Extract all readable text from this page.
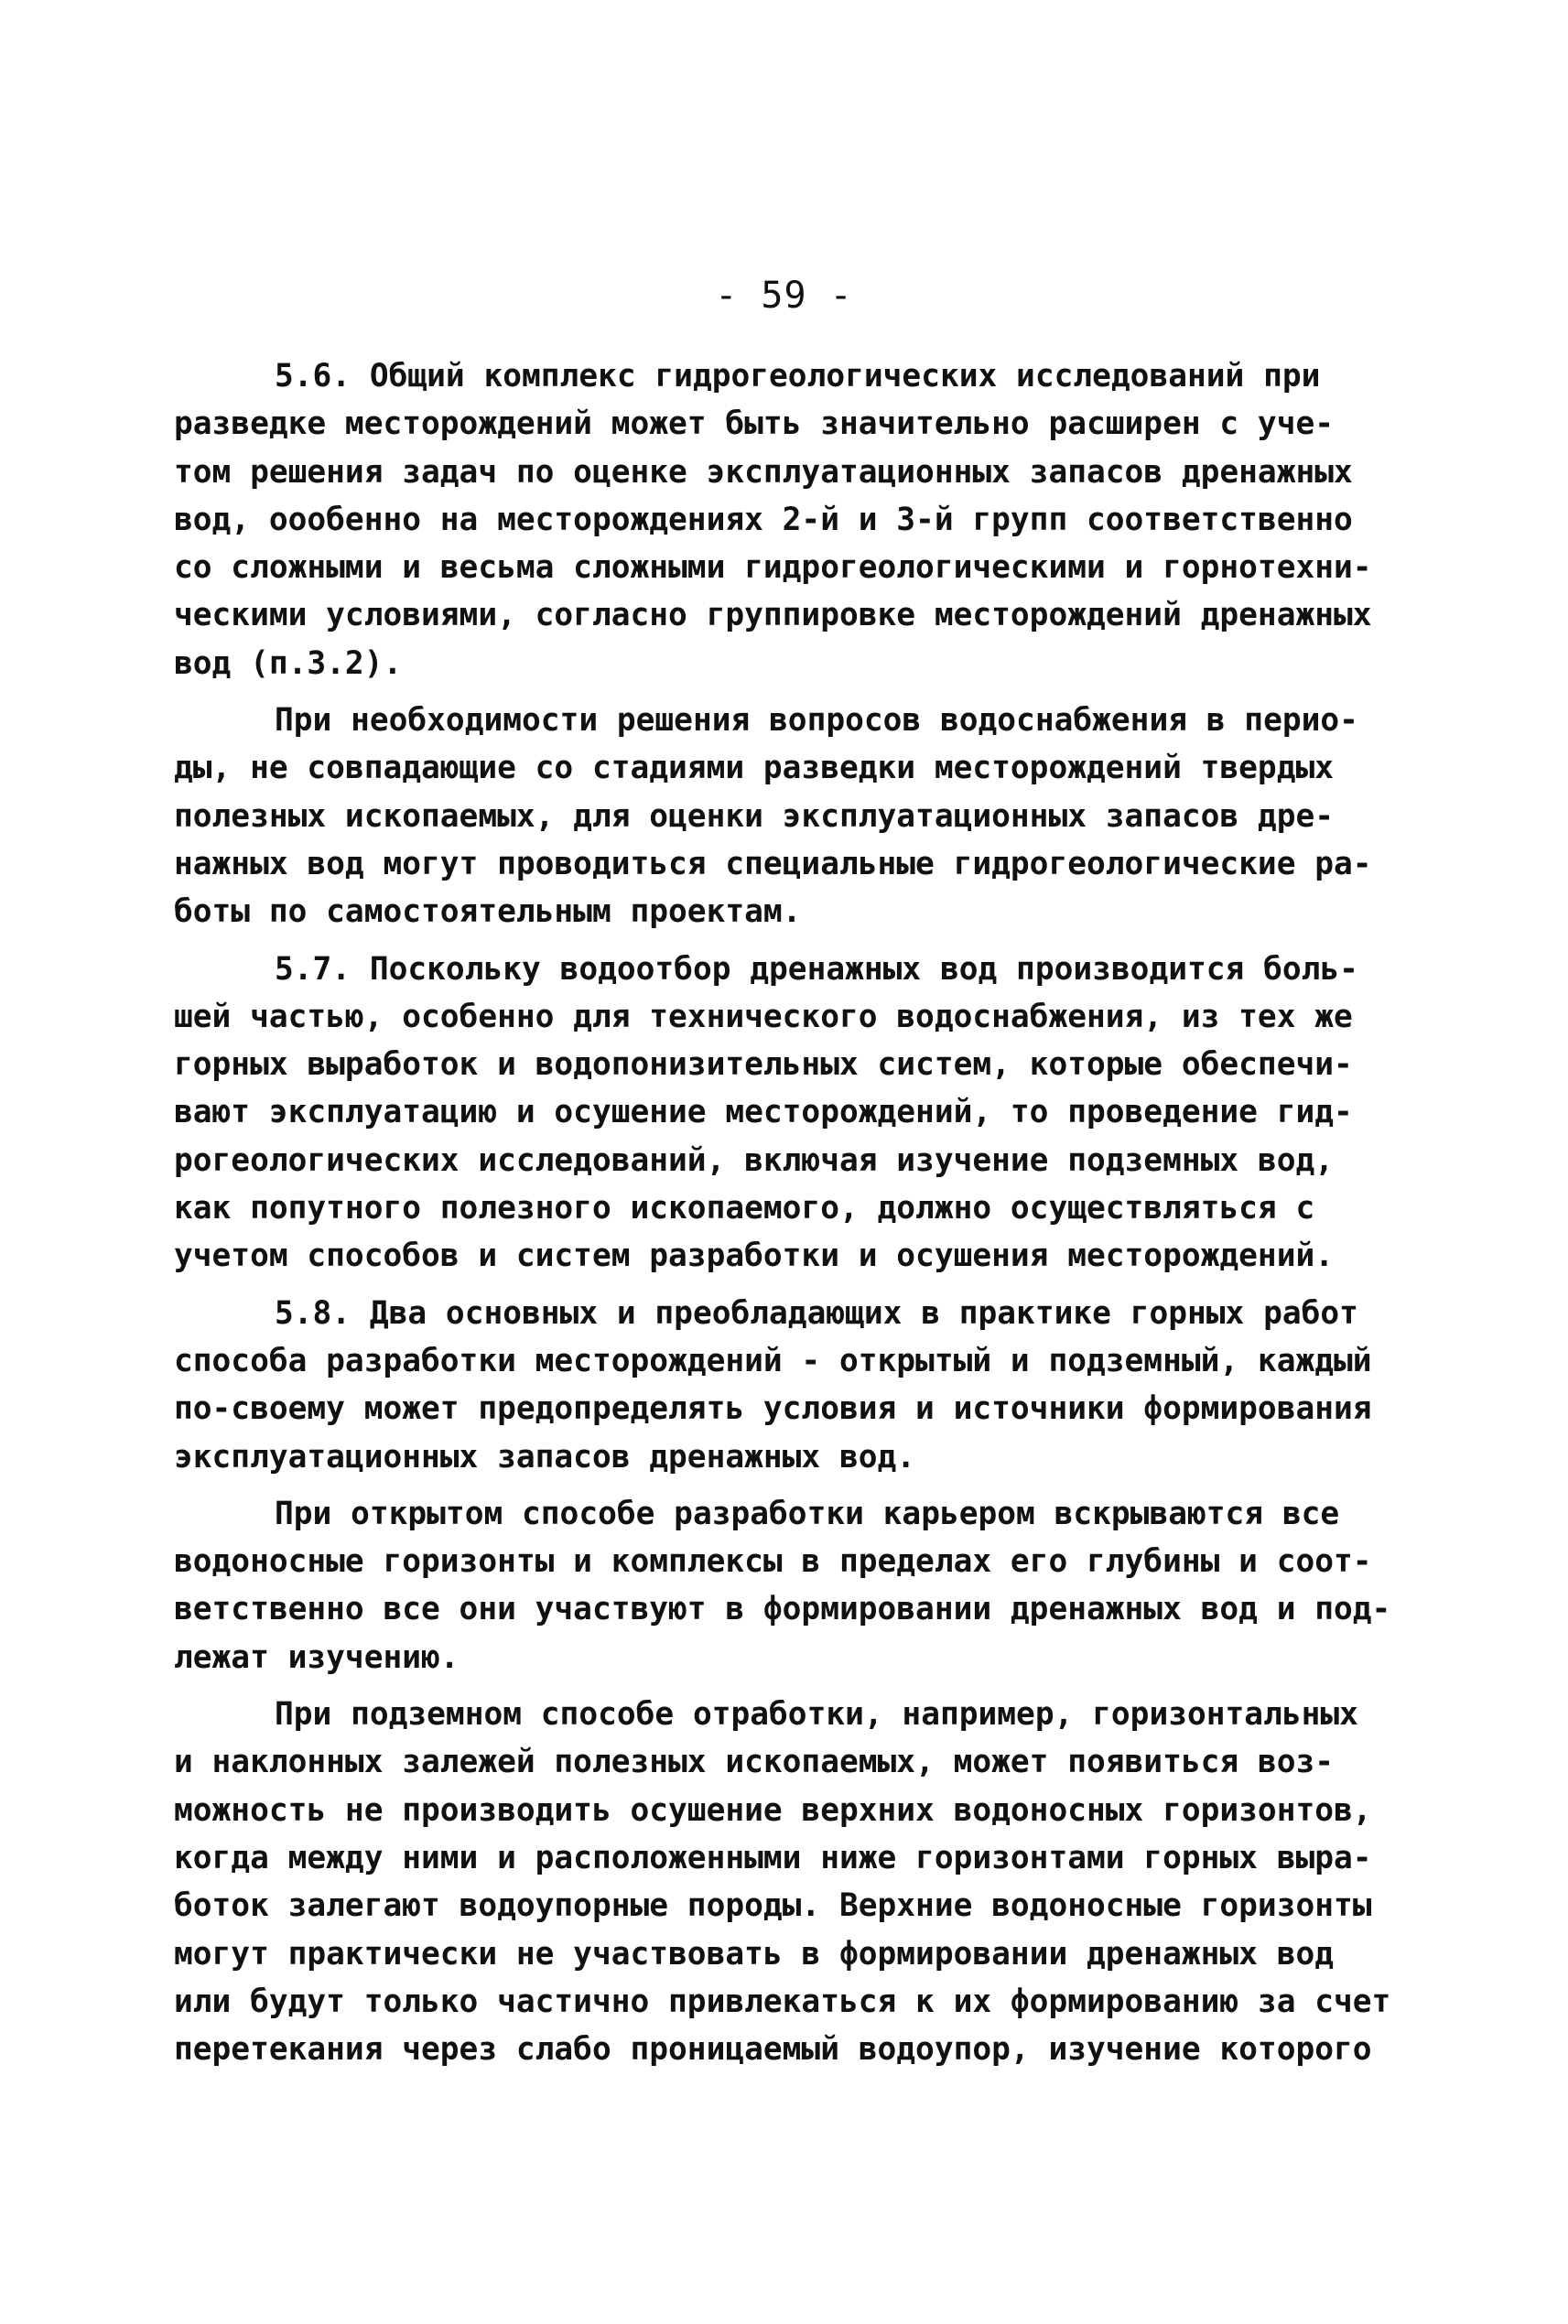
- 59 -
5.6. Общий комплекс гидрогеологических исследований при
разведке месторождений может быть значительно расширен с уче-
том решения задач по оценке эксплуатационных запасов дренажных
вод, оообенно на месторождениях 2-й и 3-й групп соответственно
со сложными и весьма сложными гидрогеологическими и горнотехни-
ческими условиями, согласно группировке месторождений дренажных
вод (п.3.2).
При необходимости решения вопросов водоснабжения в перио-
ды, не совпадающие со стадиями разведки месторождений твердых
полезных ископаемых, для оценки эксплуатационных запасов дре-
нажных вод могут проводиться специальные гидрогеологические ра-
боты по самостоятельным проектам.
5.7. Поскольку водоотбор дренажных вод производится боль-
шей частью, особенно для технического водоснабжения, из тех же
горных выработок и водопонизительных систем, которые обеспечи-
вают эксплуатацию и осушение месторождений, то проведение гид-
рогеологических исследований, включая изучение подземных вод,
как попутного полезного ископаемого, должно осуществляться с
учетом способов и систем разработки и осушения месторождений.
5.8. Два основных и преобладающих в практике горных работ
способа разработки месторождений - открытый и подземный, каждый
по-своему может предопределять условия и источники формирования
эксплуатационных запасов дренажных вод.
При открытом способе разработки карьером вскрываются все
водоносные горизонты и комплексы в пределах его глубины и соот-
ветственно все они участвуют в формировании дренажных вод и под-
лежат изучению.
При подземном способе отработки, например, горизонтальных
и наклонных залежей полезных ископаемых, может появиться воз-
можность не производить осушение верхних водоносных горизонтов,
когда между ними и расположенными ниже горизонтами горных выра-
боток залегают водоупорные породы. Верхние водоносные горизонты
могут практически не участвовать в формировании дренажных вод
или будут только частично привлекаться к их формированию за счет
перетекания через слабо проницаемый водоупор, изучение которого
